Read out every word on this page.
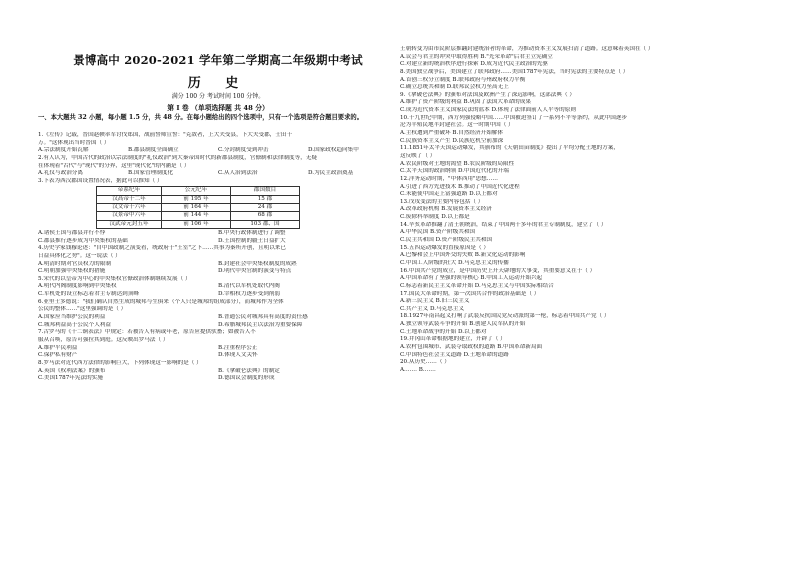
景博高中 2020-2021 学年第二学期高二年级期中考试
历 史
满分 100 分 考试时间 100 分钟。
第 I 卷 （单项选择题 共 48 分）
一、本大题共 32 小题，每小题 1.5 分，共 48 分。在每小题给出的四个选项中，只有一个选项是符合题目要求的。
1.《左传》记载，晋国赵鞅率军讨伐郑国，战前誓师宣誓："克敌者，上大夫受县，下大夫受郡，士田十
万。"这体现出当时晋国（ ）
A.宗法制度开始瓦解	B.郡县制度全面确立	C.分封制度受到冲击	D.国家政权趋向集中
2.有人认为，中国古代的政治以宗法制度的"礼仪政治"到大秦帝国时代的新郡县制度，官僚制和法律制度等，无疑
在体现着"古代"与"现代"的分界，这里"现代化"的内涵是（ ）
A.礼仪与政治分离	B.国家管理制度化	C.从人治到法治	D.为民主政治奠基
3.下表为西汉郡国设置情况表，据此可以推知（ ）
帝系纪年	公元纪年	郡国数目
汉高帝十二年	前 195 年	15 郡
汉文帝十六年	前 164 年	24 郡
汉景帝中六年	前 144 年	68 郡
汉武帝元封五年	前 106 年	103 郡、国
A.诸侯王国与郡县并行不悖	B.中央行政体制进行了调整
C.郡县推行逐步成为中央集权的基础	D.王国控制的疆土日益扩大
4.历史学家钱穆论述："自中国政制之演变看，统政府于"王室"之下……其事为秦所开创，且明以来已
日益具体化之势"。这一说法（ ）
A.明清时期对官员权力的限制	B.封建社会中央集权制度的成熟
C.明朝加强中央集权的措施	D.明代中央官制的演变与特点
5.宋代的以皇帝为中心的中央集权官僚政治体制继续发展（ ）
A.明代内阁制度影响到中央集权	B.清代以军机处取代内阁
C.军机处的设立标志着君主专制达到顶峰	D.宰相权力逐步受到削弱
6.亚里士多德说："我们确认自然生成的城邦与生俱来（个人只是城邦的组成部分），而城邦作为全体
公民的整体……"这里强调的是（ ）
A.国家应当维护公民的利益	B.普通公民对城邦具有高度的责任感
C.城邦利益高于公民个人利益	D.希腊城邦民主以法治为重要保障
7.古罗马的《十二铜表法》中规定：若被告人有病或年老，原告应提供驮畜；如被告人不
服从召唤，原告可强拉其到庭。这反映出罗马法（ ）
A.维护平民利益	B.注重程序公正
C.保护私有财产	D.体现人文关怀
8.罗马法对近代西方法律的影响巨大，下列体现这一影响的是（ ）
A.英国《权利法案》的颁布	B.《拿破仑法典》的制定
C.美国1787年宪法的实施	D.德国议会制度的形成
王朝转变为由市民阶层推翻封建统治者的革命，为推动资本主义发展扫清了道路。这意味着英国在（ ）
A.议会与君主的冲突中取得胜利 B."光荣革命"后君主立宪确立
C.对建立新的统治秩序进行探索 D.成为近代民主政治的先驱
8.美国独立战争后，美国建立了联邦政府……美国1787年宪法，当时宪法的主要特点是（ ）
A.首创三权分立制度 B.联邦政府与州政府权力平衡
C.确立总统共和制 D.联邦议会权力至高无上
9.《拿破仑法典》的颁布对法国及欧洲产生了深远影响，这部法典（ ）
A.维护了资产阶级的利益 B.巩固了法国大革命的成果
C.成为近代资本主义国家民法的蓝本 D.体现了法律面前人人平等的原则
10.十九世纪中期，西方列强侵略中国……中国被迫签订了一系列不平等条约，从此中国逐步
沦为半殖民地半封建社会。这一时期中国（ ）
A.主权遭到严重破坏 B.自然经济开始解体
C.民族资本主义产生 D.民族危机空前加深
11.1851年太平天国运动爆发，其颁布的《天朝田亩制度》提出了平均分配土地的方案，
这反映了（ ）
A.农民阶级对土地的渴望 B.农民阶级的局限性
C.太平天国的政治纲领 D.中国近代化的开端
12.洋务运动时期，"中体西用"思想……
A.引进了西方先进技术 B.推动了中国近代化进程
C.未能使中国走上富强道路 D.以上都对
13.戊戌变法的主要内容包括（ ）
A.改革政府机构 B.发展资本主义经济
C.废除科举制度 D.以上都是
14.辛亥革命推翻了清王朝统治，结束了中国两千多年的君主专制制度，建立了（ ）
A.中华民国 B.资产阶级共和国
C.民主共和国 D.资产阶级民主共和国
15.五四运动爆发的直接原因是（ ）
A.巴黎和会上中国外交的失败 B.新文化运动的影响
C.中国工人阶级的壮大 D.马克思主义的传播
16.中国共产党的成立，是中国历史上开天辟地的大事变，其重要意义在于（ ）
A.中国革命有了坚强的领导核心 B.中国工人运动开始兴起
C.标志着新民主主义革命开始 D.马克思主义与中国实际相结合
17.国民大革命时期，第一次国共合作的政治基础是（ ）
A.新三民主义 B.旧三民主义
C.共产主义 D.马克思主义
18.1927年南昌起义打响了武装反抗国民党反动派的第一枪，标志着中国共产党（ ）
A.独立领导武装斗争的开始 B.创建人民军队的开始
C.土地革命战争的开始 D.以上都对
19.井冈山革命根据地的建立，开辟了（ ）
A.农村包围城市、武装夺取政权的道路 B.中国革命新局面
C.中国特色社会主义道路 D.土地革命的道路
20.从历史……（ ）
A.…… B.……
